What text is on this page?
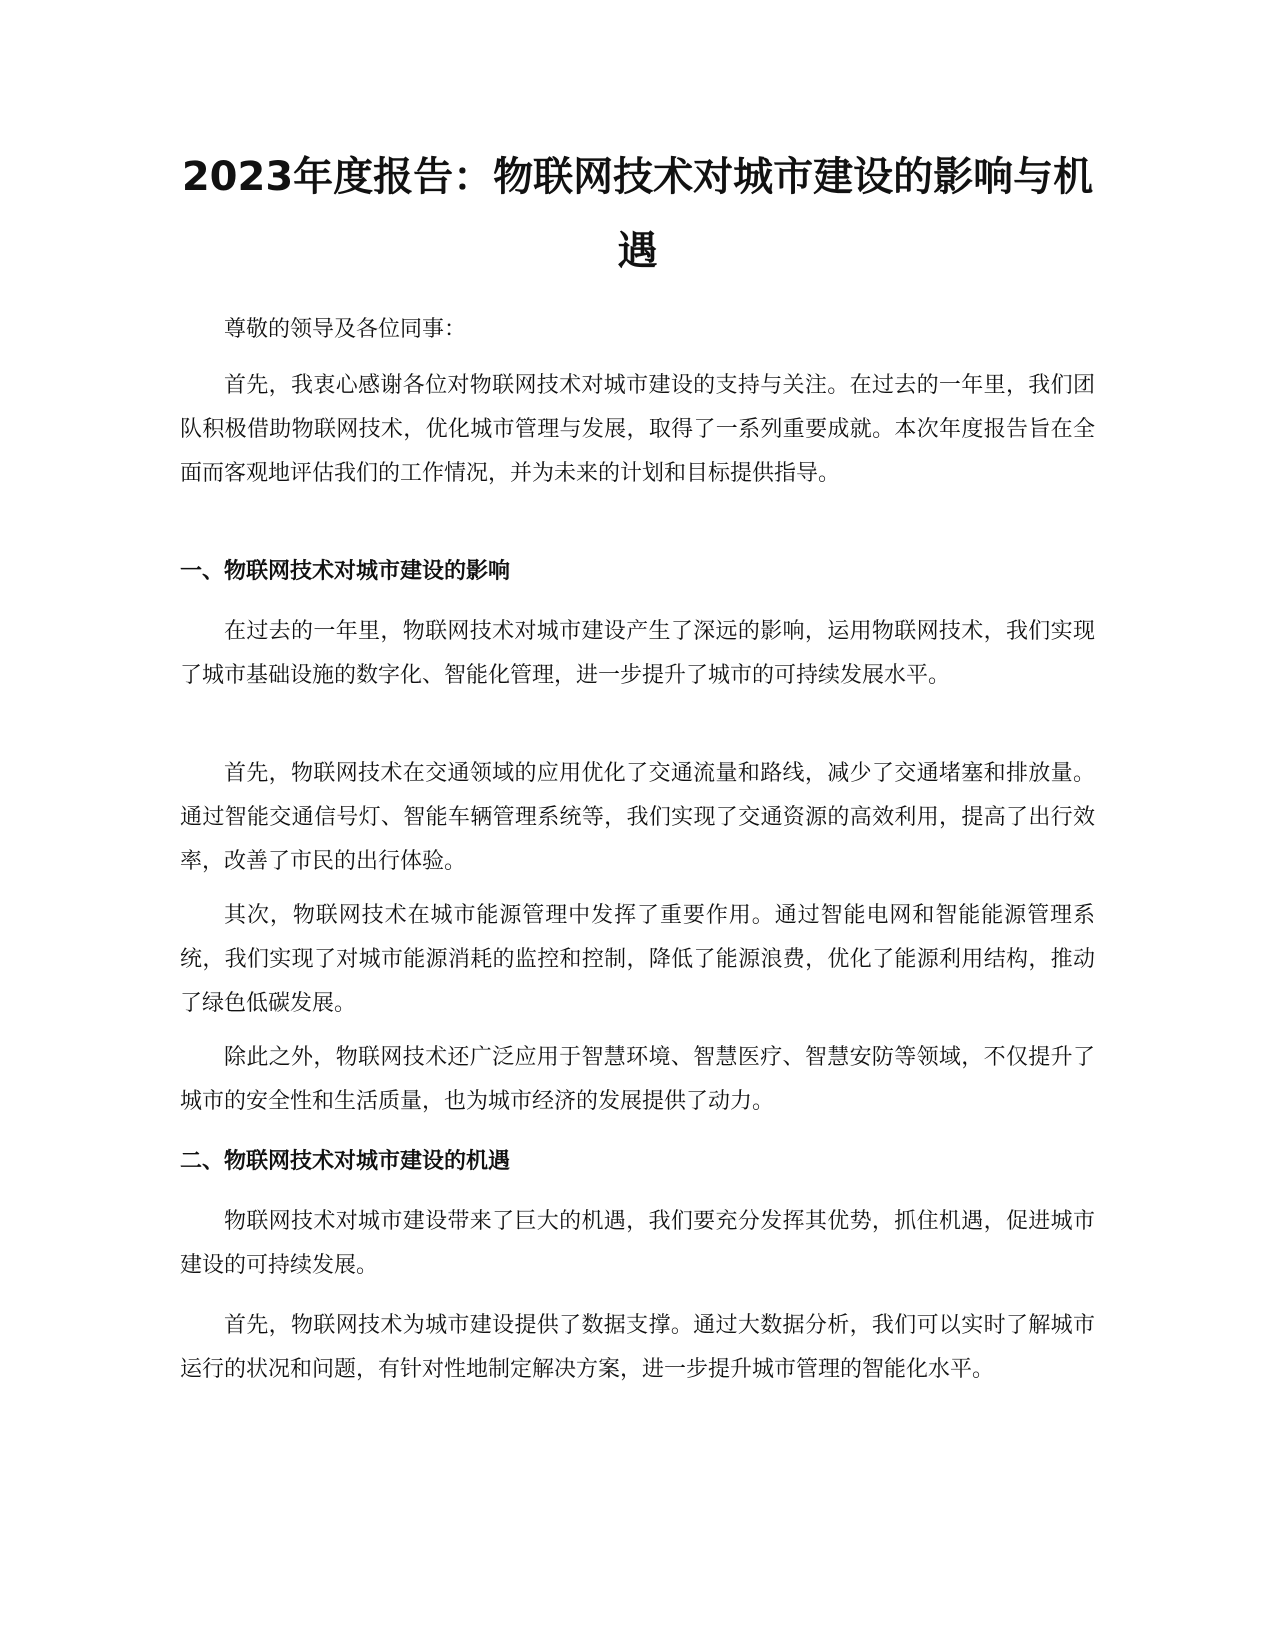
2023年度报告：物联网技术对城市建设的影响与机遇

尊敬的领导及各位同事：

首先，我衷心感谢各位对物联网技术对城市建设的支持与关注。在过去的一年里，我们团队积极借助物联网技术，优化城市管理与发展，取得了一系列重要成就。本次年度报告旨在全面而客观地评估我们的工作情况，并为未来的计划和目标提供指导。

一、物联网技术对城市建设的影响

在过去的一年里，物联网技术对城市建设产生了深远的影响，运用物联网技术，我们实现了城市基础设施的数字化、智能化管理，进一步提升了城市的可持续发展水平。

首先，物联网技术在交通领域的应用优化了交通流量和路线，减少了交通堵塞和排放量。通过智能交通信号灯、智能车辆管理系统等，我们实现了交通资源的高效利用，提高了出行效率，改善了市民的出行体验。

其次，物联网技术在城市能源管理中发挥了重要作用。通过智能电网和智能能源管理系统，我们实现了对城市能源消耗的监控和控制，降低了能源浪费，优化了能源利用结构，推动了绿色低碳发展。

除此之外，物联网技术还广泛应用于智慧环境、智慧医疗、智慧安防等领域，不仅提升了城市的安全性和生活质量，也为城市经济的发展提供了动力。

二、物联网技术对城市建设的机遇

物联网技术对城市建设带来了巨大的机遇，我们要充分发挥其优势，抓住机遇，促进城市建设的可持续发展。

首先，物联网技术为城市建设提供了数据支撑。通过大数据分析，我们可以实时了解城市运行的状况和问题，有针对性地制定解决方案，进一步提升城市管理的智能化水平。
